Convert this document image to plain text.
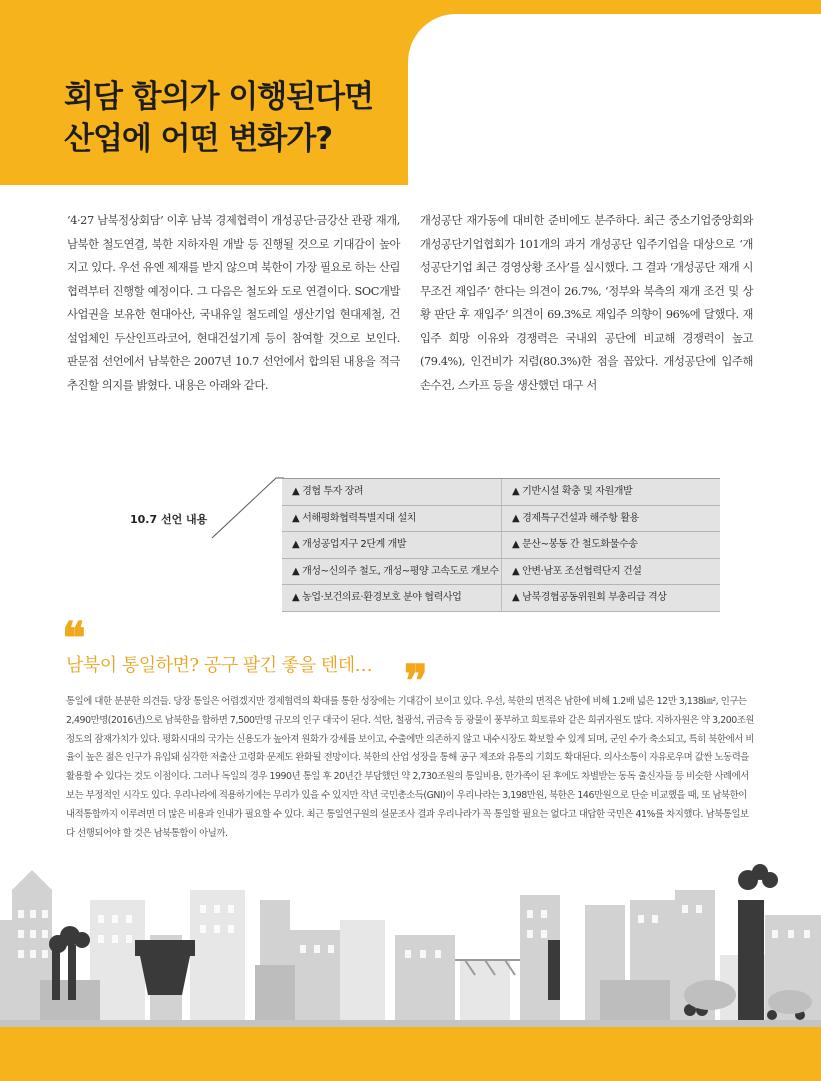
회담 합의가 이행된다면
산업에 어떤 변화가?

‘4·27 남북정상회담’ 이후 남북 경제협력이 개성공단·금강산 관광 재개, 남북한 철도연결, 북한 지하자원 개발 등 진행될 것으로 기대감이 높아지고 있다. 우선 유엔 제재를 받지 않으며 북한이 가장 필요로 하는 산림 협력부터 진행할 예정이다. 그 다음은 철도와 도로 연결이다. SOC개발사업권을 보유한 현대아산, 국내유일 철도레일 생산기업 현대제철, 건설업체인 두산인프라코어, 현대건설기계 등이 참여할 것으로 보인다. 판문점 선언에서 남북한은 2007년 10.7 선언에서 합의된 내용을 적극 추진할 의지를 밝혔다. 내용은 아래와 같다.

개성공단 재가동에 대비한 준비에도 분주하다. 최근 중소기업중앙회와 개성공단기업협회가 101개의 과거 개성공단 입주기업을 대상으로 ‘개성공단기업 최근 경영상황 조사’를 실시했다. 그 결과 ‘개성공단 재개 시 무조건 재입주’ 한다는 의견이 26.7%, ‘정부와 북측의 재개 조건 및 상황 판단 후 재입주’ 의견이 69.3%로 재입주 의향이 96%에 달했다. 재입주 희망 이유와 경쟁력은 국내외 공단에 비교해 경쟁력이 높고(79.4%), 인건비가 저렴(80.3%)한 점을 꼽았다. 개성공단에 입주해 손수건, 스카프 등을 생산했던 대구 서

10.7 선언 내용
▲ 경협 투자 장려	▲ 기반시설 확충 및 자원개발
▲ 서해평화협력특별지대 설치	▲ 경제특구건설과 해주항 활용
▲ 개성공업지구 2단계 개발	▲ 문산~봉동 간 철도화물수송
▲ 개성~신의주 철도, 개성~평양 고속도로 개보수	▲ 안변·남포 조선협력단지 건설
▲ 농업·보건의료·환경보호 분야 협력사업	▲ 남북경협공동위원회 부총리급 격상
❝
남북이 통일하면? 공구 팔긴 좋을 텐데… ❞

통일에 대한 분분한 의견들. 당장 통일은 어렵겠지만 경제협력의 확대를 통한 성장에는 기대감이 보이고 있다. 우선, 북한의 면적은 남한에 비해 1.2배 넓은 12만 3,138㎞², 인구는 2,490만명(2016년)으로 남북한을 합하면 7,500만명 규모의 인구 대국이 된다. 석탄, 철광석, 귀금속 등 광물이 풍부하고 희토류와 같은 희귀자원도 많다. 지하자원은 약 3,200조원 정도의 잠재가치가 있다. 평화시대의 국가는 신용도가 높아져 원화가 강세를 보이고, 수출에만 의존하지 않고 내수시장도 확보할 수 있게 되며, 군인 수가 축소되고, 특히 북한에서 비율이 높은 젊은 인구가 유입돼 심각한 저출산 고령화 문제도 완화될 전망이다. 북한의 산업 성장을 통해 공구 제조와 유통의 기회도 확대된다. 의사소통이 자유로우며 값싼 노동력을 활용할 수 있다는 것도 이점이다. 그러나 독일의 경우 1990년 통일 후 20년간 부담했던 약 2,730조원의 통일비용, 한가족이 된 후에도 차별받는 동독 출신자들 등 비슷한 사례에서 보는 부정적인 시각도 있다. 우리나라에 적용하기에는 무리가 있을 수 있지만 작년 국민총소득(GNI)이 우리나라는 3,198만원, 북한은 146만원으로 단순 비교했을 때, 또 남북한이 내적통합까지 이루려면 더 많은 비용과 인내가 필요할 수 있다. 최근 통일연구원의 설문조사 결과 우리나라가 꼭 통일할 필요는 없다고 대답한 국민은 41%를 차지했다. 남북통일보다 선행되어야 할 것은 남북통합이 아닐까.
